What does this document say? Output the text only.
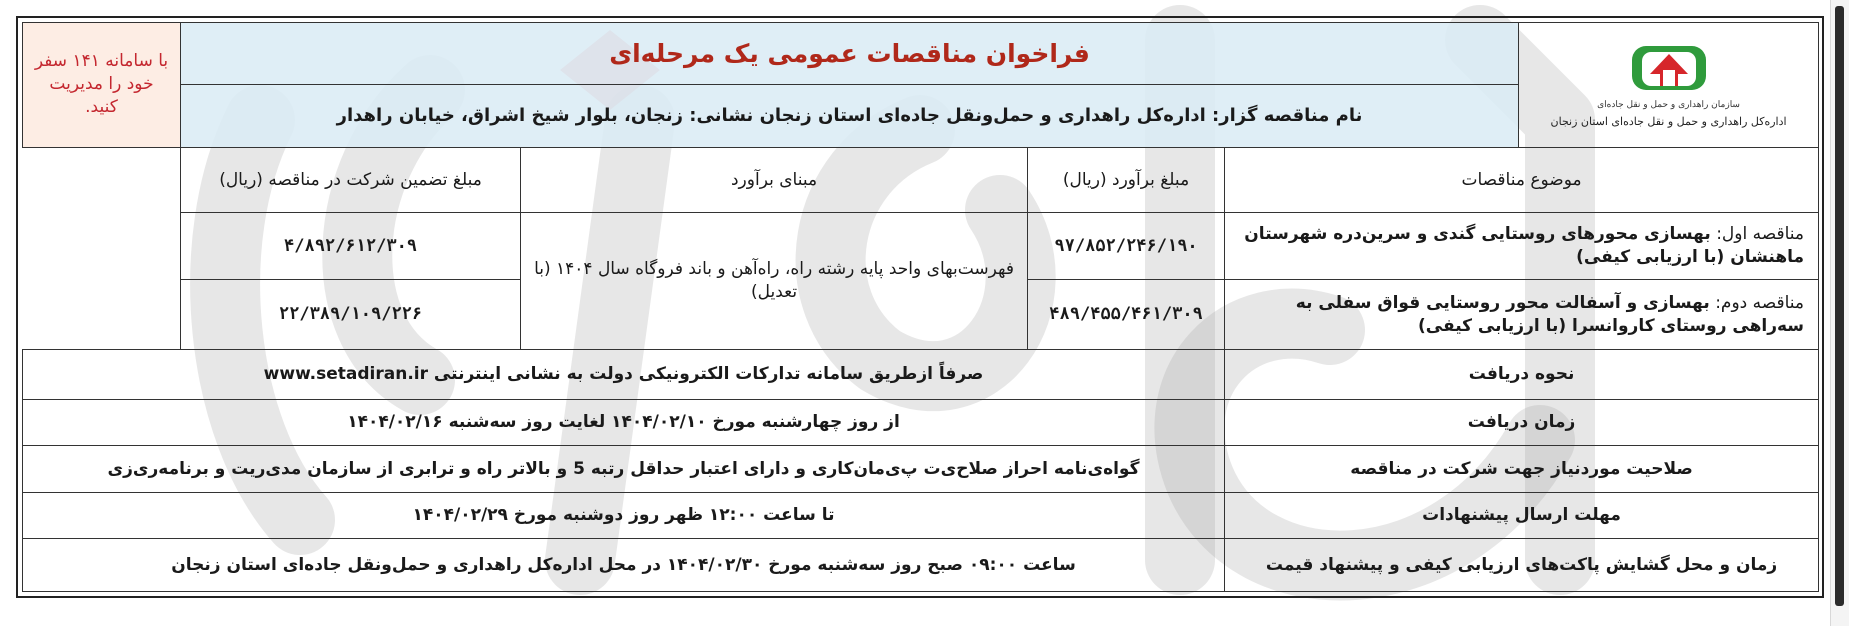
سازمان راهداری و حمل و نقل جاده‌ای
اداره‌کل راهداری و حمل و نقل جاده‌ای استان زنجان	فراخوان مناقصات عمومی یک مرحله‌ای				با سامانه ۱۴۱ سفر خود را مدیریت کنید.
	نام مناقصه گزار: اداره‌کل راهداری و حمل‌ونقل جاده‌ای استان زنجان نشانی: زنجان، بلوار شیخ اشراق، خیابان راهدار				
موضوع مناقصات		مبلغ برآورد (ریال)	مبنای برآورد	مبلغ تضمین شرکت در مناقصه (ریال)	
مناقصه اول: بهسازی محورهای روستایی گندی و سرین‌دره شهرستان ماهنشان (با ارزیابی کیفی)		۹۷/۸۵۲/۲۴۶/۱۹۰	فهرست‌بهای واحد پایه رشته راه، راه‌آهن و باند فروگاه سال ۱۴۰۴ (با تعدیل)	۴/۸۹۲/۶۱۲/۳۰۹	
مناقصه دوم: بهسازی و آسفالت محور روستایی قواق سفلی به سه‌راهی روستای کاروانسرا (با ارزیابی کیفی)		۴۸۹/۴۵۵/۴۶۱/۳۰۹		۲۲/۳۸۹/۱۰۹/۲۲۶	
نحوه دریافت		صرفاً ازطریق سامانه تدارکات الکترونیکی دولت به نشانی اینترنتی www.setadiran.ir			
زمان دریافت		از روز چهارشنبه مورخ ۱۴۰۴/۰۲/۱۰ لغایت روز سه‌شنبه ۱۴۰۴/۰۲/۱۶			
صلاحیت موردنیاز جهت شرکت در مناقصه		گواه‌ی‌نامه احراز صلاح‌ی‌ت پ‌ی‌مان‌کاری و دارای اعتبار حداقل رتبه 5 و بالاتر راه و ترابری از سازمان مدی‌ریت و برنامه‌ری‌زی			
مهلت ارسال پیشنهادات		تا ساعت ۱۲:۰۰ ظهر روز دوشنبه مورخ ۱۴۰۴/۰۲/۲۹			
زمان و محل گشایش پاکت‌های ارزیابی کیفی و پیشنهاد قیمت		ساعت ۰۹:۰۰ صبح روز سه‌شنبه مورخ ۱۴۰۴/۰۲/۳۰ در محل اداره‌کل راهداری و حمل‌ونقل جاده‌ای استان زنجان			
